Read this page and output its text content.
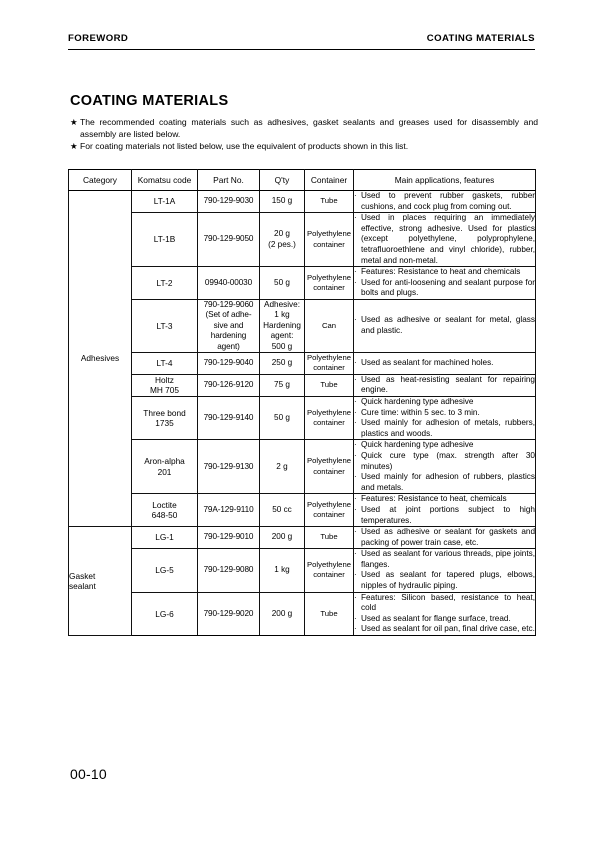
FOREWORD	COATING MATERIALS
COATING MATERIALS
★ The recommended coating materials such as adhesives, gasket sealants and greases used for disassembly and assembly are listed below.
★ For coating materials not listed below, use the equivalent of products shown in this list.
Category	Komatsu code	Part No.	Q'ty	Container	Main applications, features
Adhesives	LT-1A	790-129-9030	150 g	Tube	
· Used to prevent rubber gaskets, rubber cushions, and cock plug from coming out.

LT-1B	790-129-9050	20 g
(2 pes.)	Polyethylene
container	
· Used in places requiring an immediately effective, strong adhesive. Used for plastics (except polyethylene, polyprophylene, tetrafluoroethlene and vinyl chloride), rubber, metal and non-metal.

LT-2	09940-00030	50 g	Polyethylene
container	
· Features: Resistance to heat and chemicals
· Used for anti-loosening and sealant purpose for bolts and plugs.

LT-3	790-129-9060
(Set of adhe-
sive and
hardening
agent)	Adhesive:
1 kg
Hardening
agent:
500 g	Can	
· Used as adhesive or sealant for metal, glass and plastic.

LT-4	790-129-9040	250 g	Polyethylene
container	
· Used as sealant for machined holes.

Holtz
MH 705	790-126-9120	75 g	Tube	
· Used as heat-resisting sealant for repairing engine.

Three bond
1735	790-129-9140	50 g	Polyethylene
container	
· Quick hardening type adhesive
· Cure time: within 5 sec. to 3 min.
· Used mainly for adhesion of metals, rubbers, plastics and woods.

Aron-alpha
201	790-129-9130	2 g	Polyethylene
container	
· Quick hardening type adhesive
· Quick cure type (max. strength after 30 minutes)
· Used mainly for adhesion of rubbers, plastics and metals.

Loctite
648-50	79A-129-9110	50 cc	Polyethylene
container	
· Features: Resistance to heat, chemicals
· Used at joint portions subject to high temperatures.

Gasket
sealant	LG-1	790-129-9010	200 g	Tube	
· Used as adhesive or sealant for gaskets and packing of power train case, etc.

LG-5	790-129-9080	1 kg	Polyethylene
container	
· Used as sealant for various threads, pipe joints, flanges.
· Used as sealant for tapered plugs, elbows, nipples of hydraulic piping.

LG-6	790-129-9020	200 g	Tube	
· Features: Silicon based, resistance to heat, cold
· Used as sealant for flange surface, tread.
· Used as sealant for oil pan, final drive case, etc.
00-10
